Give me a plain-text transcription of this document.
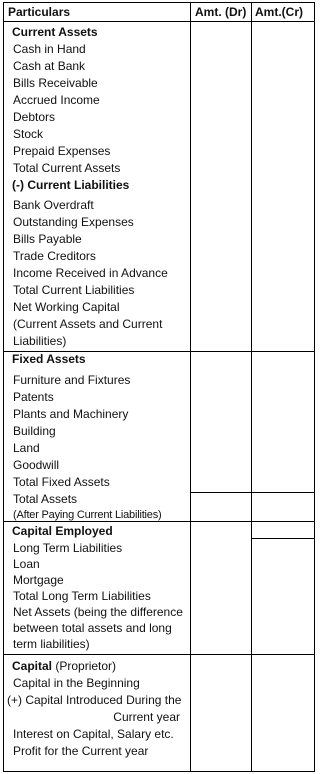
Particulars	Amt. (Dr) Amt.(Cr)
Current Assets
Cash in Hand
Cash at Bank
Bills Receivable
Accrued Income
Debtors
Stock
Prepaid Expenses
Total Current Assets
(-) Current Liabilities
Bank Overdraft
Outstanding Expenses
Bills Payable
Trade Creditors
Income Received in Advance
Total Current Liabilities
Net Working Capital
(Current Assets and Current
Liabilities)
Fixed Assets
Furniture and Fixtures
Patents
Plants and Machinery
Building
Land
Goodwill
Total Fixed Assets
Total Assets
(After Paying Current Liabilities)
Capital Employed
Long Term Liabilities
Loan
Mortgage
Total Long Term Liabilities
Net Assets (being the difference
between total assets and long
term liabilities)
Capital (Proprietor)
Capital in the Beginning
(+) Capital Introduced During the
Current year
Interest on Capital, Salary etc.
Profit for the Current year
